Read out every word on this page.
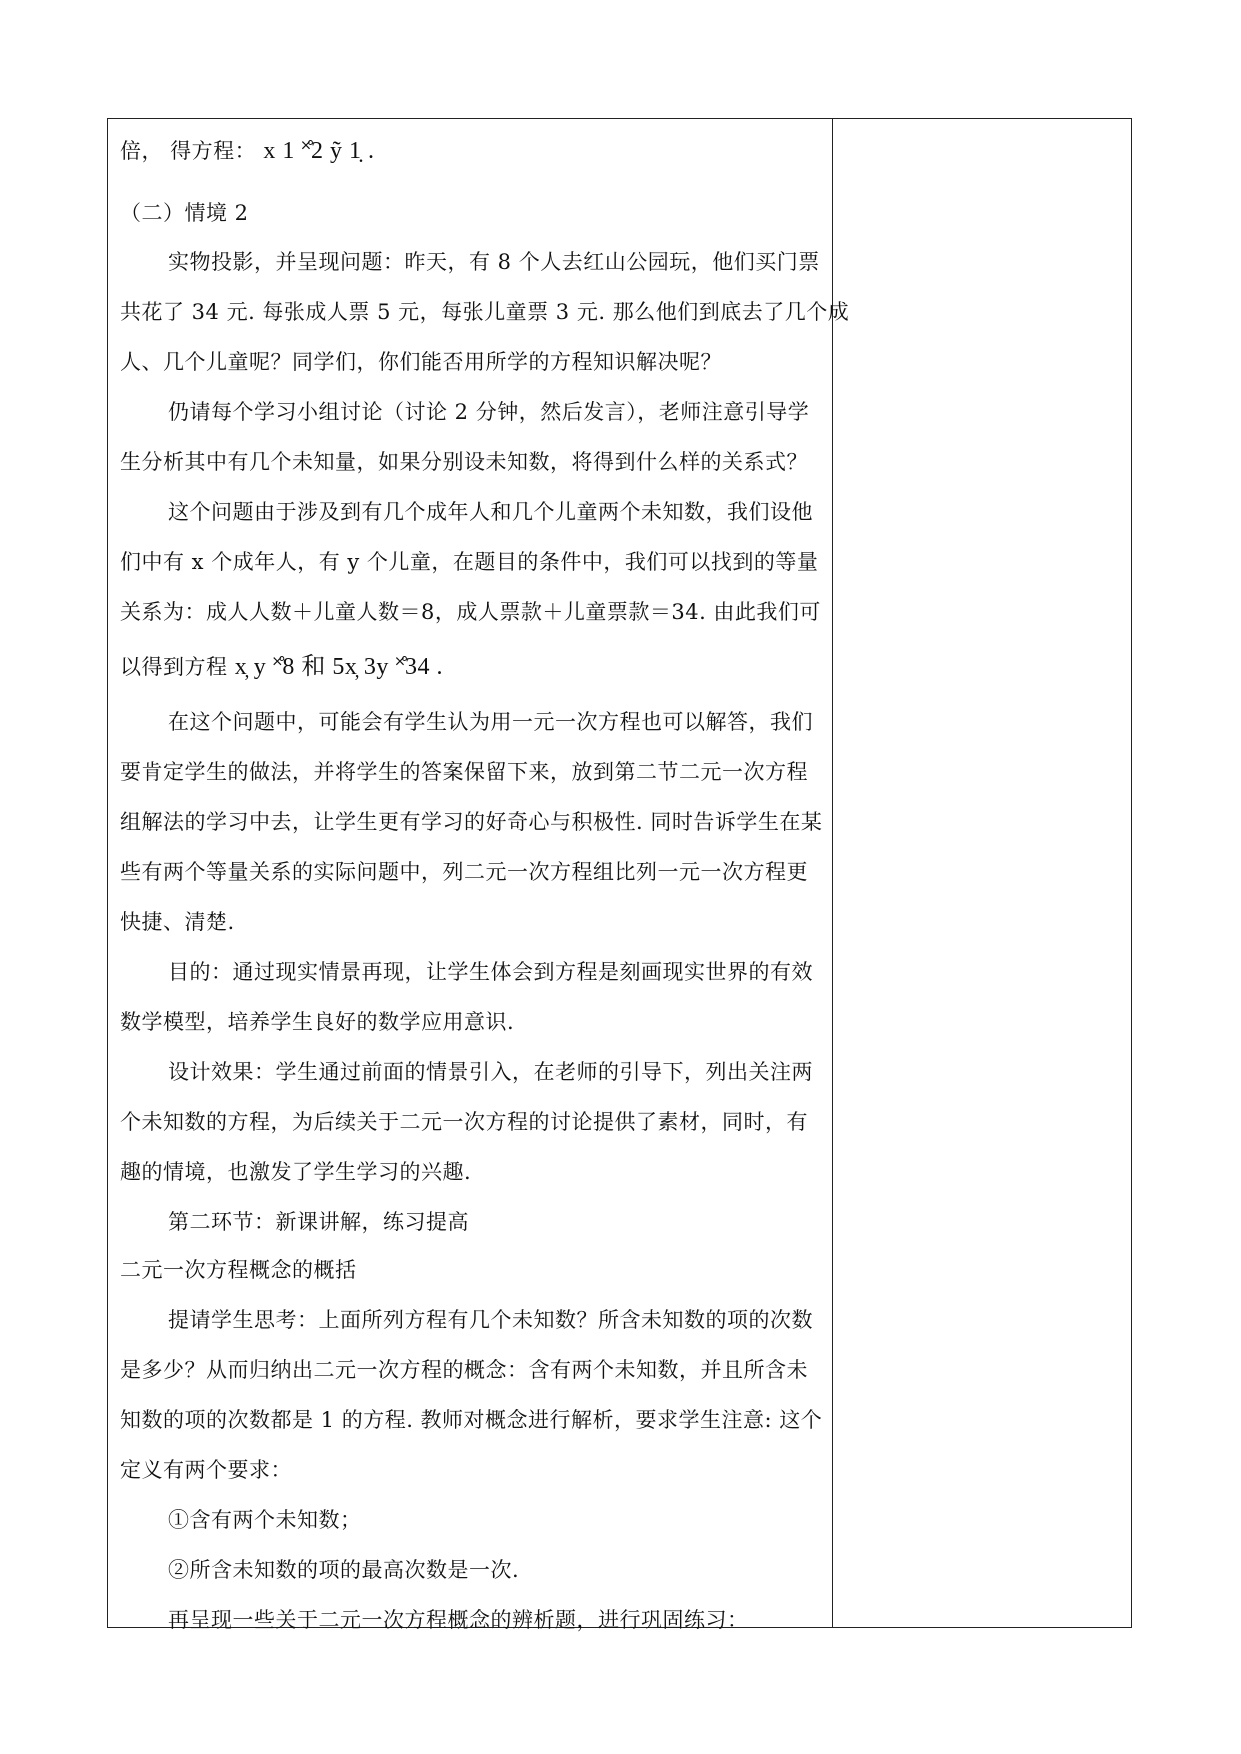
倍， 得方程： x 1 ˟̊2 ỹ 1̣ .
（二）情境 2
实物投影，并呈现问题：昨天，有 8 个人去红山公园玩，他们买门票
共花了 34 元. 每张成人票 5 元，每张儿童票 3 元. 那么他们到底去了几个成
人、几个儿童呢？同学们，你们能否用所学的方程知识解决呢？
仍请每个学习小组讨论（讨论 2 分钟，然后发言），老师注意引导学
生分析其中有几个未知量，如果分别设未知数，将得到什么样的关系式？
这个问题由于涉及到有几个成年人和几个儿童两个未知数，我们设他
们中有 x 个成年人，有 y 个儿童，在题目的条件中，我们可以找到的等量
关系为：成人人数＋儿童人数＝8，成人票款＋儿童票款＝34. 由此我们可
以得到方程 x̦ y ˟̊8 和 5x̦ 3y ˟̊34 .
在这个问题中，可能会有学生认为用一元一次方程也可以解答，我们
要肯定学生的做法，并将学生的答案保留下来，放到第二节二元一次方程
组解法的学习中去，让学生更有学习的好奇心与积极性. 同时告诉学生在某
些有两个等量关系的实际问题中，列二元一次方程组比列一元一次方程更
快捷、清楚.
目的：通过现实情景再现，让学生体会到方程是刻画现实世界的有效
数学模型，培养学生良好的数学应用意识.
设计效果：学生通过前面的情景引入，在老师的引导下，列出关注两
个未知数的方程，为后续关于二元一次方程的讨论提供了素材，同时，有
趣的情境，也激发了学生学习的兴趣.
第二环节：新课讲解，练习提高
二元一次方程概念的概括
提请学生思考：上面所列方程有几个未知数？所含未知数的项的次数
是多少？从而归纳出二元一次方程的概念：含有两个未知数，并且所含未
知数的项的次数都是 1 的方程. 教师对概念进行解析，要求学生注意: 这个
定义有两个要求：
①含有两个未知数；
②所含未知数的项的最高次数是一次.
再呈现一些关于二元一次方程概念的辨析题，进行巩固练习：
